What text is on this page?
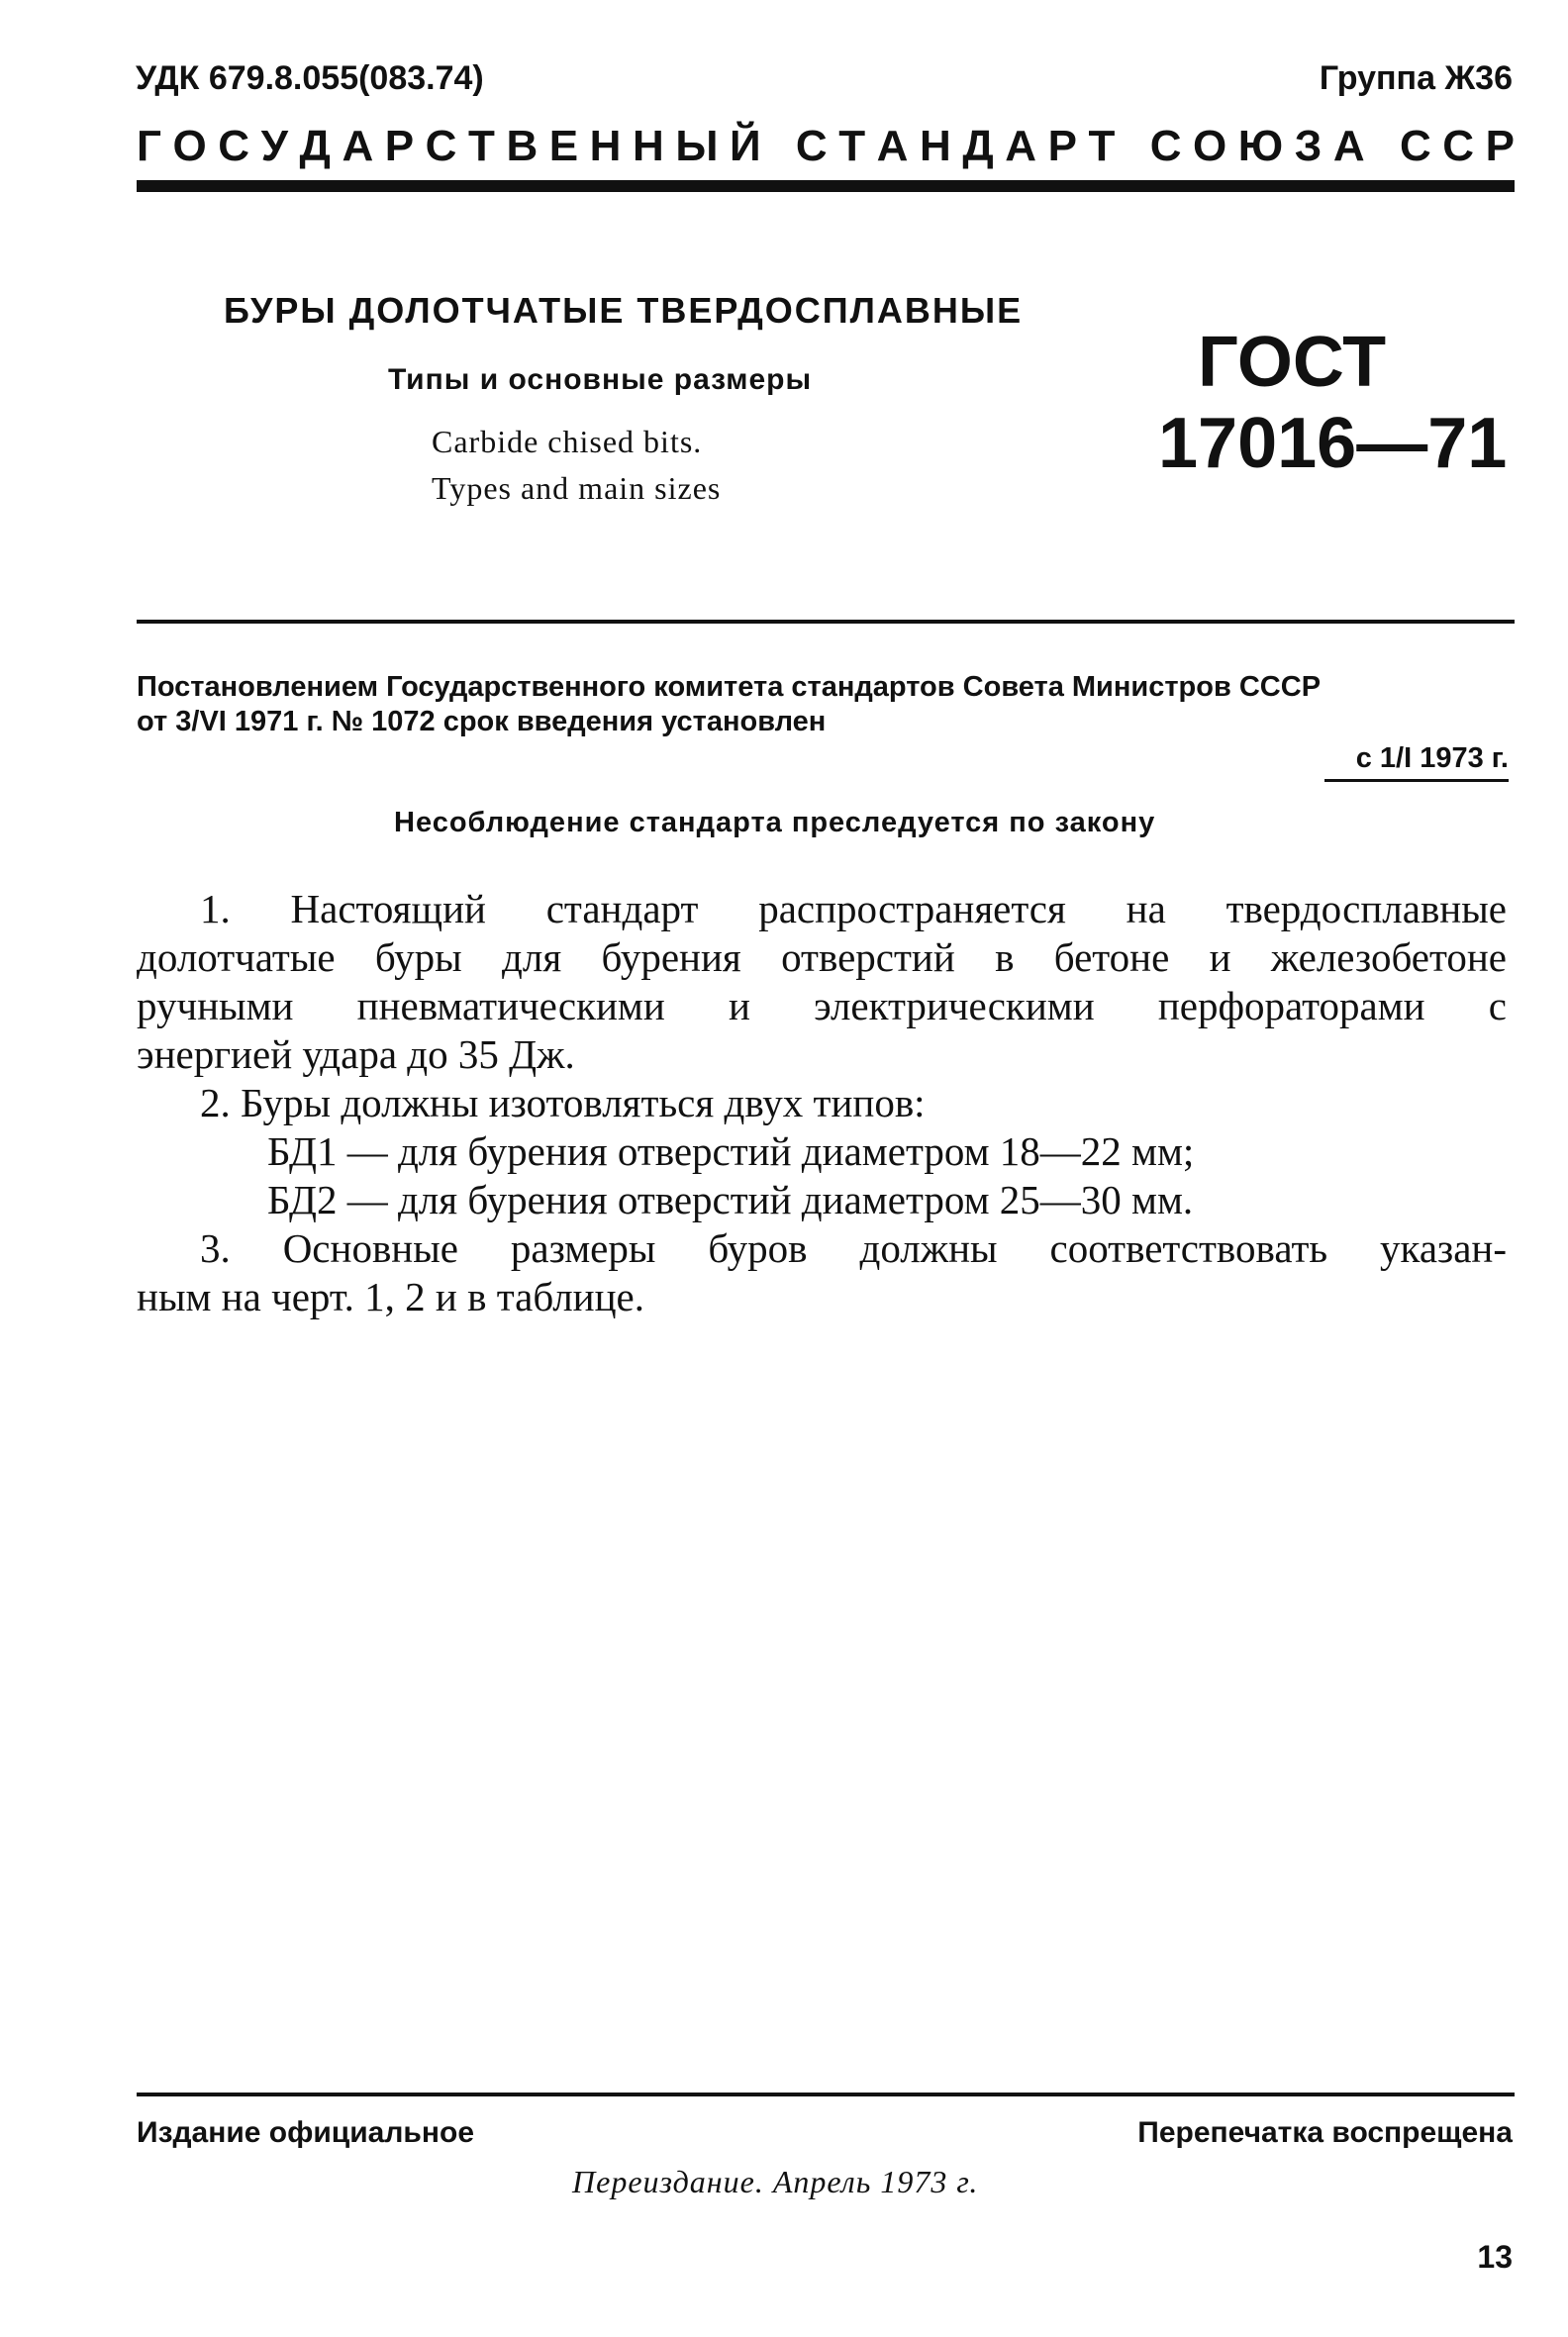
УДК 679.8.055(083.74)	Группа Ж36
Г О С У Д А Р С Т В Е Н Н Ы Й
С Т А Н Д А Р Т
С О Ю З А
С С Р
БУРЫ ДОЛОТЧАТЫЕ ТВЕРДОСПЛАВНЫЕ
Типы и основные размеры
Carbide chised bits.
Types and main sizes
ГОСТ
17016—71
Постановлением Государственного комитета стандартов Совета Министров СССР
от 3/VI 1971 г. № 1072 срок введения установлен
с 1/I 1973 г.
Несоблюдение стандарта преследуется по закону
1. Настоящий стандарт распространяется на твердосплавные
долотчатые буры для бурения отверстий в бетоне и железобетоне
ручными пневматическими и электрическими перфораторами с
энергией удара до 35 Дж.
2. Буры должны изотовляться двух типов:
БД1 — для бурения отверстий диаметром 18—22 мм;
БД2 — для бурения отверстий диаметром 25—30 мм.
3. Основные размеры буров должны соответствовать указан-
ным на черт. 1, 2 и в таблице.
Издание официальное	Перепечатка воспрещена
Переиздание. Апрель 1973 г.
13
